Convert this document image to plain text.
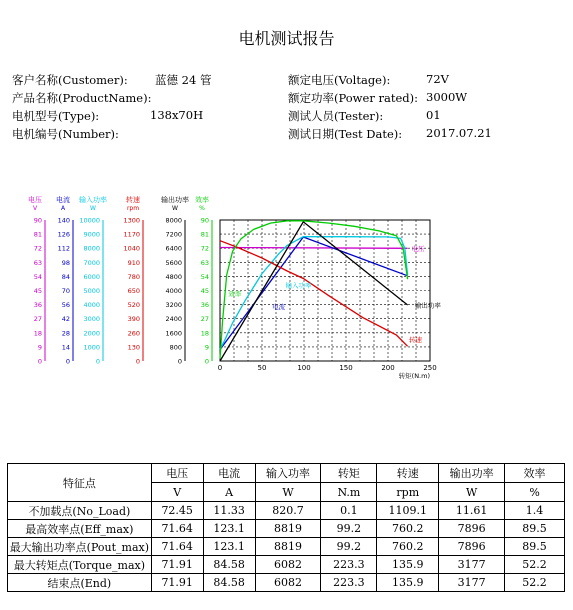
电机测试报告
客户名称(Customer): 蓝德 24 管
产品名称(ProductName):
电机型号(Type):	138x70H
电机编号(Number):
额定电压(Voltage):	72V
额定功率(Power rated): 3000W
测试人员(Tester):	01
测试日期(Test Date): 2017.07.21
电压
V
90
81
72
63
54
45
36
27
18
9
0
电流
A
140
126
112
98
84
70
56
42
28
14
0
输入功率
W
10000
9000
8000
7000
6000
5000
4000
3000
2000
1000
0
转速
rpm
1300
1170
1040
910
780
650
520
390
260
130
0
输出功率
W
8000
7200
6400
5600
4800
4000
3200
2400
1600
800
0
效率
%
90
81
72
63
54
45
36
27
18
9
0
0	50	100	150	200	250
转矩(N.m)
电压
电流
输入功率
输出功率
转速
效率
特征点	电压	电流	输入功率	转矩	转速	输出功率	效率
	V	A	W	N.m	rpm	W	%
不加载点(No_Load)	72.45	11.33	820.7	0.1	1109.1	11.61	1.4
最高效率点(Eff_max)	71.64	123.1	8819	99.2	760.2	7896	89.5
最大输出功率点(Pout_max)	71.64	123.1	8819	99.2	760.2	7896	89.5
最大转矩点(Torque_max)	71.91	84.58	6082	223.3	135.9	3177	52.2
结束点(End)	71.91	84.58	6082	223.3	135.9	3177	52.2
